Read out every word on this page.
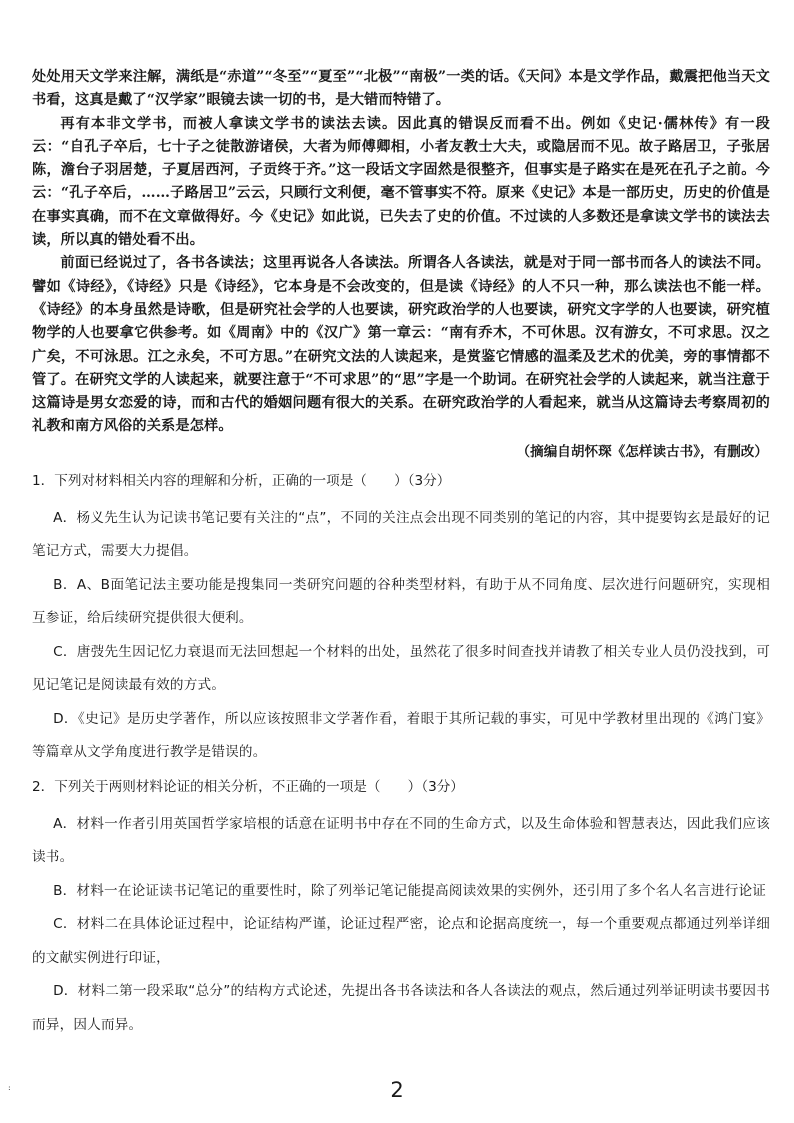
处处用天文学来注解，满纸是“赤道”“冬至”“夏至”“北极”“南极”一类的话。《天问》本是文学作品，戴震把他当天文书看，这真是戴了“汉学家”眼镜去读一切的书，是大错而特错了。

再有本非文学书，而被人拿读文学书的读法去读。因此真的错误反而看不出。例如《史记·儒林传》有一段云：“自孔子卒后，七十子之徒散游诸侯，大者为师傅卿相，小者友教士大夫，或隐居而不见。故子路居卫，子张居陈，澹台子羽居楚，子夏居西河，子贡终于齐。”这一段话文字固然是很整齐，但事实是子路实在是死在孔子之前。今云：“孔子卒后，……子路居卫”云云，只顾行文利便，毫不管事实不符。原来《史记》本是一部历史，历史的价值是在事实真确，而不在文章做得好。今《史记》如此说，已失去了史的价值。不过读的人多数还是拿读文学书的读法去读，所以真的错处看不出。

前面已经说过了，各书各读法；这里再说各人各读法。所谓各人各读法，就是对于同一部书而各人的读法不同。譬如《诗经》，《诗经》只是《诗经》，它本身是不会改变的，但是读《诗经》的人不只一种，那么读法也不能一样。《诗经》的本身虽然是诗歌，但是研究社会学的人也要读，研究政治学的人也要读，研究文字学的人也要读，研究植物学的人也要拿它供参考。如《周南》中的《汉广》第一章云：“南有乔木，不可休思。汉有游女，不可求思。汉之广矣，不可泳思。江之永矣，不可方思。”在研究文法的人读起来，是赏鉴它情感的温柔及艺术的优美，旁的事情都不管了。在研究文学的人读起来，就要注意于“不可求思”的“思”字是一个助词。在研究社会学的人读起来，就当注意于这篇诗是男女恋爱的诗，而和古代的婚姻问题有很大的关系。在研究政治学的人看起来，就当从这篇诗去考察周初的礼教和南方风俗的关系是怎样。

（摘编自胡怀琛《怎样读古书》，有删改）

1．下列对材料相关内容的理解和分析，正确的一项是（　　）（3分）

A．杨义先生认为记读书笔记要有关注的“点”，不同的关注点会出现不同类别的笔记的内容，其中提要钩玄是最好的记笔记方式，需要大力提倡。

B．A、B面笔记法主要功能是搜集同一类研究问题的谷种类型材料，有助于从不同角度、层次进行问题研究，实现相互参证，给后续研究提供很大便利。

C．唐弢先生因记忆力衰退而无法回想起一个材料的出处，虽然花了很多时间查找并请教了相关专业人员仍没找到，可见记笔记是阅读最有效的方式。

D．《史记》是历史学著作，所以应该按照非文学著作看，着眼于其所记载的事实，可见中学教材里出现的《鸿门宴》等篇章从文学角度进行教学是错误的。

2．下列关于两则材料论证的相关分析，不正确的一项是（　　）（3分）

A．材料一作者引用英国哲学家培根的话意在证明书中存在不同的生命方式，以及生命体验和智慧表达，因此我们应该读书。

B．材料一在论证读书记笔记的重要性时，除了列举记笔记能提高阅读效果的实例外，还引用了多个名人名言进行论证

C．材料二在具体论证过程中，论证结构严谨，论证过程严密，论点和论据高度统一，每一个重要观点都通过列举详细的文献实例进行印证，

D．材料二第一段采取“总分”的结构方式论述，先提出各书各读法和各人各读法的观点，然后通过列举证明读书要因书而异，因人而异。

:	2
